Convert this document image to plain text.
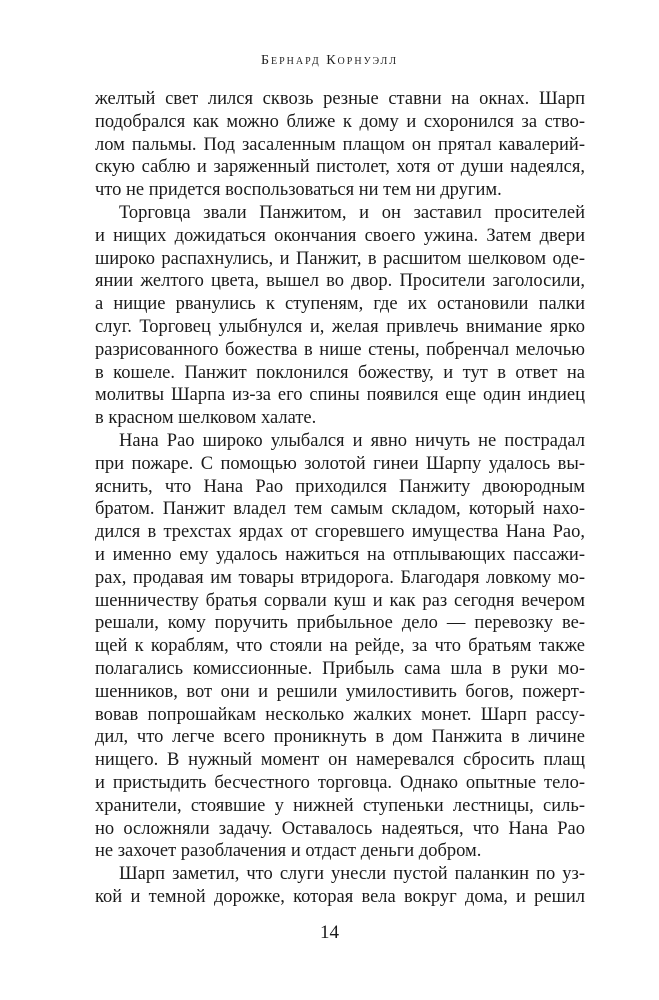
Бернард Корнуэлл
желтый свет лился сквозь резные ставни на окнах. Шарп
подобрался как можно ближе к дому и схоронился за ство-
лом пальмы. Под засаленным плащом он прятал кавалерий-
скую саблю и заряженный пистолет, хотя от души надеялся,
что не придется воспользоваться ни тем ни другим.
Торговца звали Панжитом, и он заставил просителей
и нищих дожидаться окончания своего ужина. Затем двери
широко распахнулись, и Панжит, в расшитом шелковом оде-
янии желтого цвета, вышел во двор. Просители заголосили,
а нищие рванулись к ступеням, где их остановили палки
слуг. Торговец улыбнулся и, желая привлечь внимание ярко
разрисованного божества в нише стены, побренчал мелочью
в кошеле. Панжит поклонился божеству, и тут в ответ на
молитвы Шарпа из-за его спины появился еще один индиец
в красном шелковом халате.
Нана Рао широко улыбался и явно ничуть не пострадал
при пожаре. С помощью золотой гинеи Шарпу удалось вы-
яснить, что Нана Рао приходился Панжиту двоюродным
братом. Панжит владел тем самым складом, который нахо-
дился в трехстах ярдах от сгоревшего имущества Нана Рао,
и именно ему удалось нажиться на отплывающих пассажи-
рах, продавая им товары втридорога. Благодаря ловкому мо-
шенничеству братья сорвали куш и как раз сегодня вечером
решали, кому поручить прибыльное дело — перевозку ве-
щей к кораблям, что стояли на рейде, за что братьям также
полагались комиссионные. Прибыль сама шла в руки мо-
шенников, вот они и решили умилостивить богов, пожерт-
вовав попрошайкам несколько жалких монет. Шарп рассу-
дил, что легче всего проникнуть в дом Панжита в личине
нищего. В нужный момент он намеревался сбросить плащ
и пристыдить бесчестного торговца. Однако опытные тело-
хранители, стоявшие у нижней ступеньки лестницы, силь-
но осложняли задачу. Оставалось надеяться, что Нана Рао
не захочет разоблачения и отдаст деньги добром.
Шарп заметил, что слуги унесли пустой паланкин по уз-
кой и темной дорожке, которая вела вокруг дома, и решил
14
